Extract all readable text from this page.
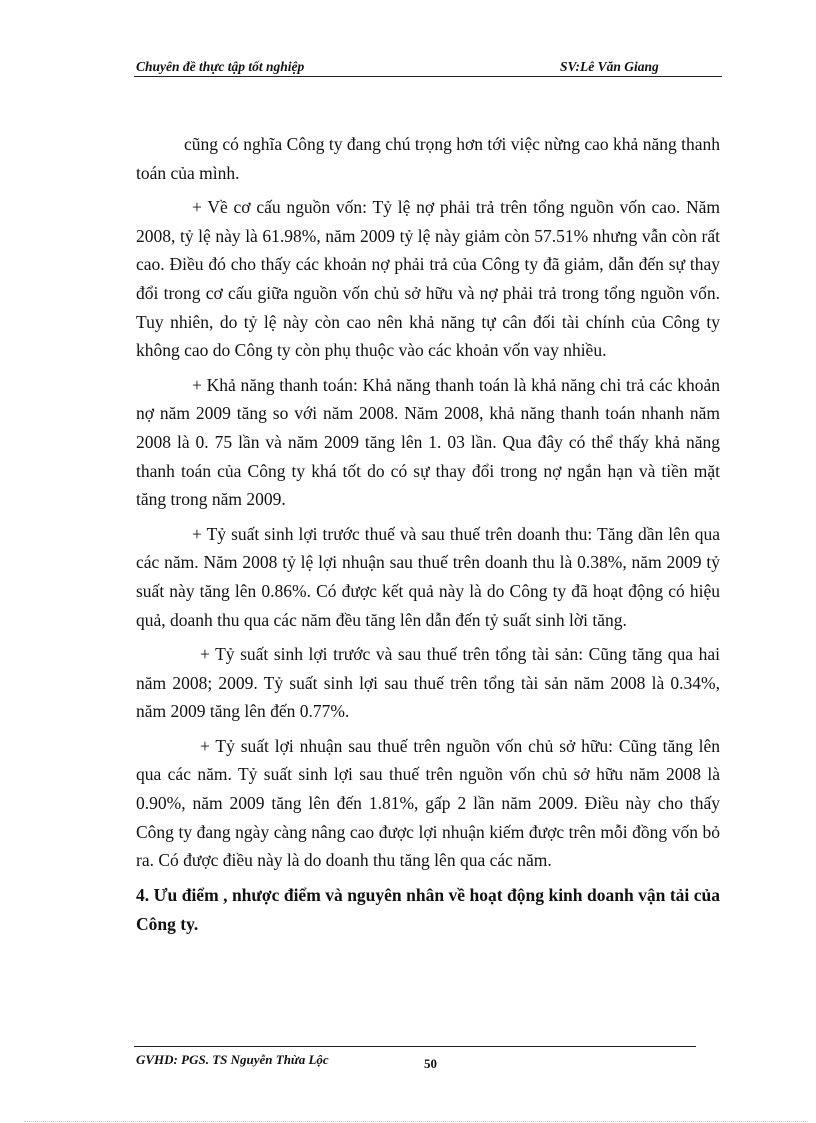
Chuyên đề thực tập tốt nghiệp	SV:Lê Văn Giang

cũng có nghĩa Công ty đang chú trọng hơn tới việc nừng cao khả năng thanh toán của mình.

+ Về cơ cấu nguồn vốn: Tỷ lệ nợ phải trả trên tổng nguồn vốn cao. Năm 2008, tỷ lệ này là 61.98%, năm 2009 tỷ lệ này giảm còn 57.51% nhưng vẫn còn rất cao. Điều đó cho thấy các khoản nợ phải trả của Công ty đã giảm, dẫn đến sự thay đổi trong cơ cấu giữa nguồn vốn chủ sở hữu và nợ phải trả trong tổng nguồn vốn. Tuy nhiên, do tỷ lệ này còn cao nên khả năng tự cân đối tài chính của Công ty không cao do Công ty còn phụ thuộc vào các khoản vốn vay nhiều.

+ Khả năng thanh toán: Khả năng thanh toán là khả năng chi trả các khoản nợ năm 2009 tăng so với năm 2008. Năm 2008, khả năng thanh toán nhanh năm 2008 là 0. 75 lần và năm 2009 tăng lên 1. 03 lần. Qua đây có thể thấy khả năng thanh toán của Công ty khá tốt do có sự thay đổi trong nợ ngắn hạn và tiền mặt tăng trong năm 2009.

+ Tỷ suất sinh lợi trước thuế và sau thuế trên doanh thu: Tăng dần lên qua các năm. Năm 2008 tỷ lệ lợi nhuận sau thuế trên doanh thu là 0.38%, năm 2009 tỷ suất này tăng lên 0.86%. Có được kết quả này là do Công ty đã hoạt động có hiệu quả, doanh thu qua các năm đều tăng lên dẫn đến tỷ suất sinh lời tăng.

+ Tỷ suất sinh lợi trước và sau thuế trên tổng tài sản: Cũng tăng qua hai năm 2008; 2009. Tỷ suất sinh lợi sau thuế trên tổng tài sản năm 2008 là 0.34%, năm 2009 tăng lên đến 0.77%.

+ Tỷ suất lợi nhuận sau thuế trên nguồn vốn chủ sở hữu: Cũng tăng lên qua các năm. Tỷ suất sinh lợi sau thuế trên nguồn vốn chủ sở hữu năm 2008 là 0.90%, năm 2009 tăng lên đến 1.81%, gấp 2 lần năm 2009. Điều này cho thấy Công ty đang ngày càng nâng cao được lợi nhuận kiếm được trên mỗi đồng vốn bỏ ra. Có được điều này là do doanh thu tăng lên qua các năm.

4. Ưu điểm , nhược điểm và nguyên nhân về hoạt động kinh doanh vận tải của Công ty.

GVHD: PGS. TS Nguyễn Thừa Lộc	50
